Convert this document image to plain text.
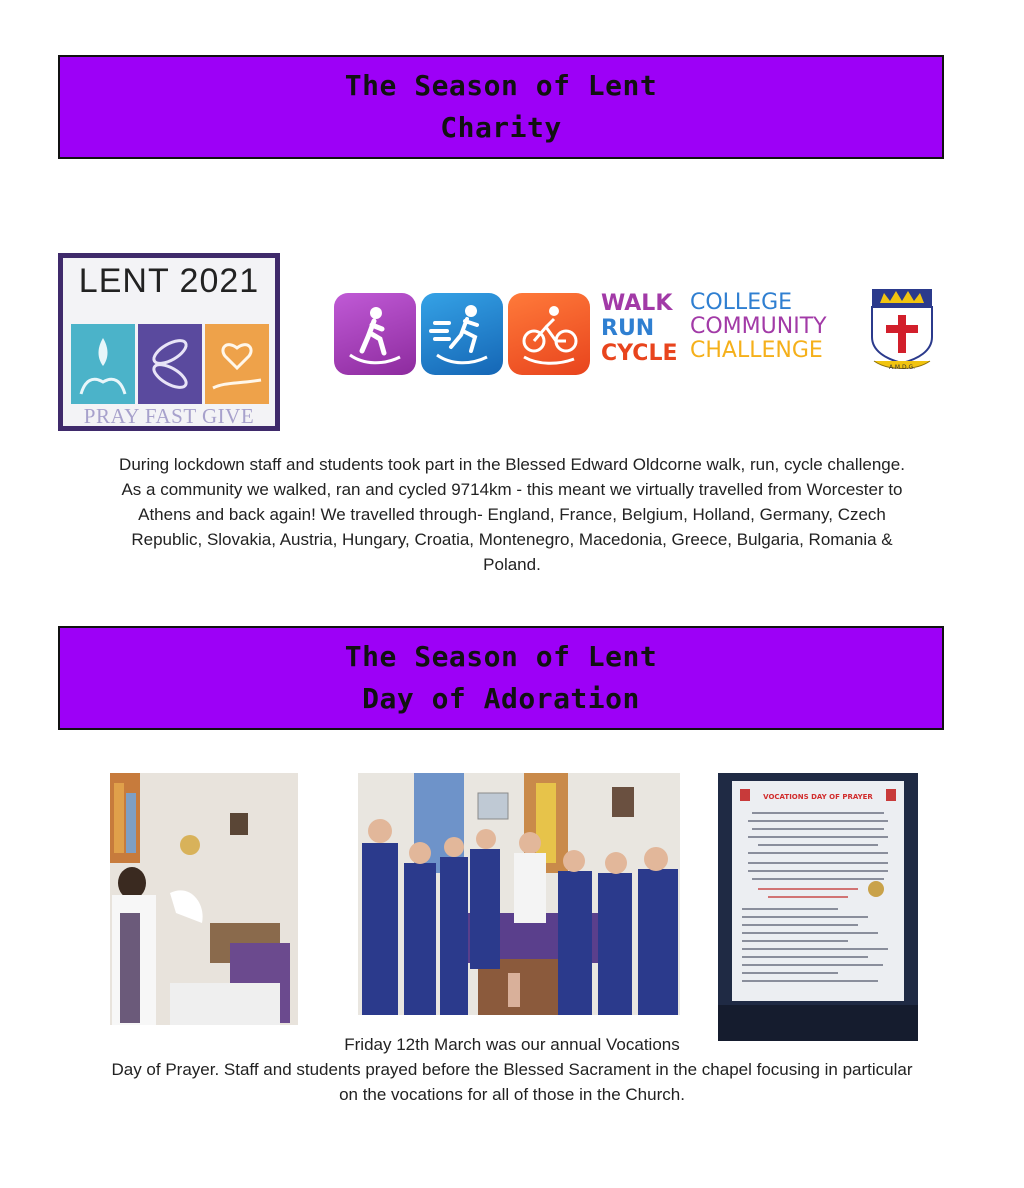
The Season of Lent
Charity
LENT 2021
PRAY FAST GIVE
WALK
RUN
CYCLE
COLLEGE
COMMUNITY
CHALLENGE
A.M.D.G.
During lockdown staff and students took part in the Blessed Edward Oldcorne walk, run, cycle challenge. As a community we walked, ran and cycled 9714km - this meant we virtually travelled from Worcester to Athens and back again! We travelled through- England, France, Belgium, Holland, Germany, Czech Republic, Slovakia, Austria, Hungary, Croatia, Montenegro, Macedonia, Greece, Bulgaria, Romania & Poland.
The Season of Lent
Day of Adoration
VOCATIONS DAY OF PRAYER
Friday 12th March was our annual Vocations
Day of Prayer. Staff and students prayed before the Blessed Sacrament in the chapel focusing in particular on the vocations for all of those in the Church.
